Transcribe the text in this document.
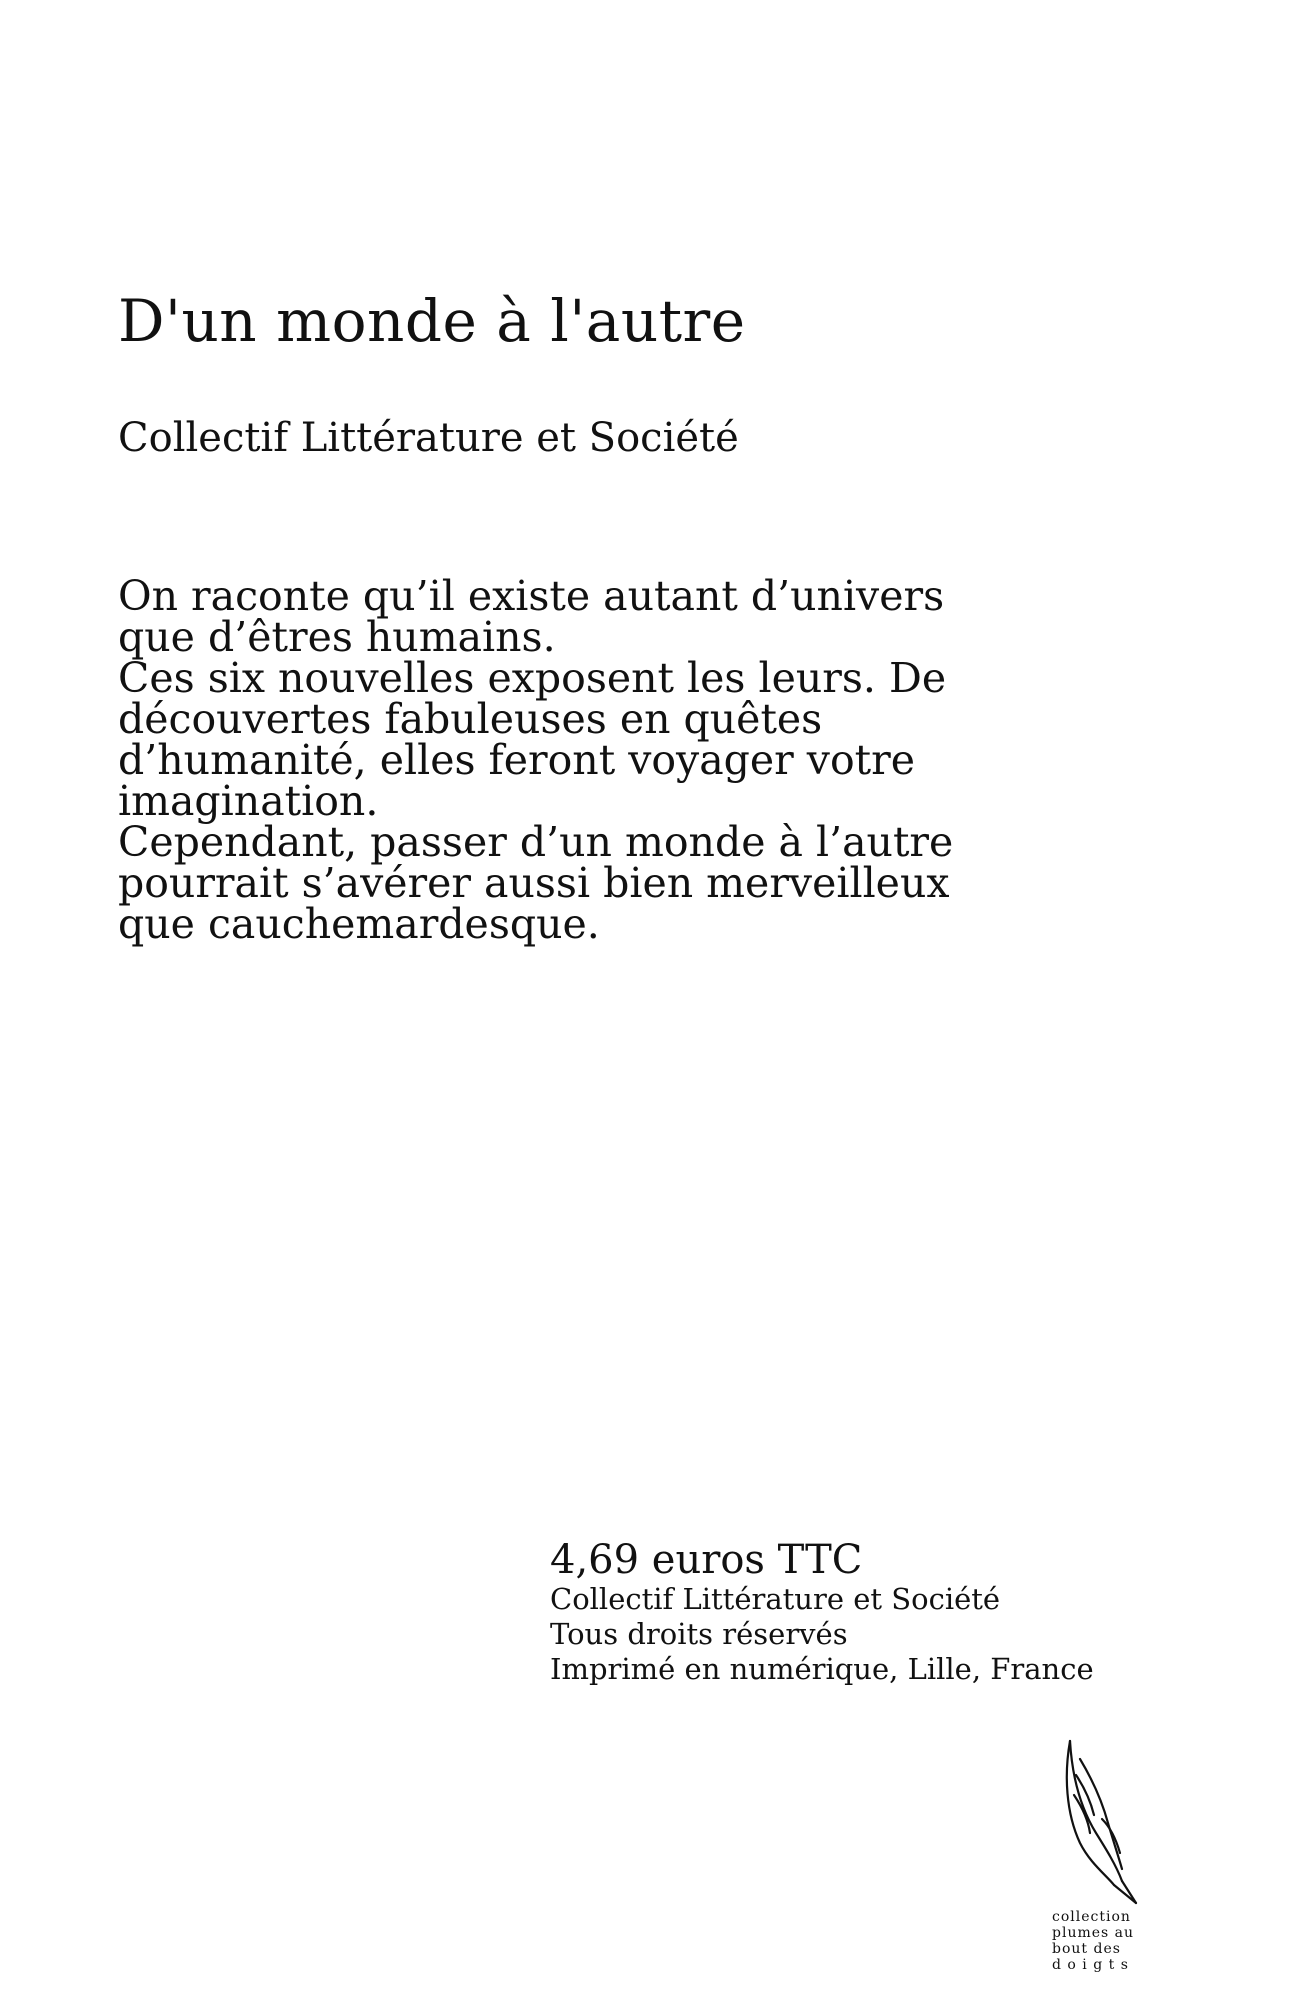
D'un monde à l'autre
Collectif Littérature et Société

On raconte qu’il existe autant d’univers

que d’êtres humains.

Ces six nouvelles exposent les leurs. De

découvertes fabuleuses en quêtes

d’humanité, elles feront voyager votre

imagination.

Cependant, passer d’un monde à l’autre

pourrait s’avérer aussi bien merveilleux

que cauchemardesque.

4,69 euros TTC
Collectif Littérature et Société
Tous droits réservés
Imprimé en numérique, Lille, France
collection
plumes au
bout des
d o i g t s
